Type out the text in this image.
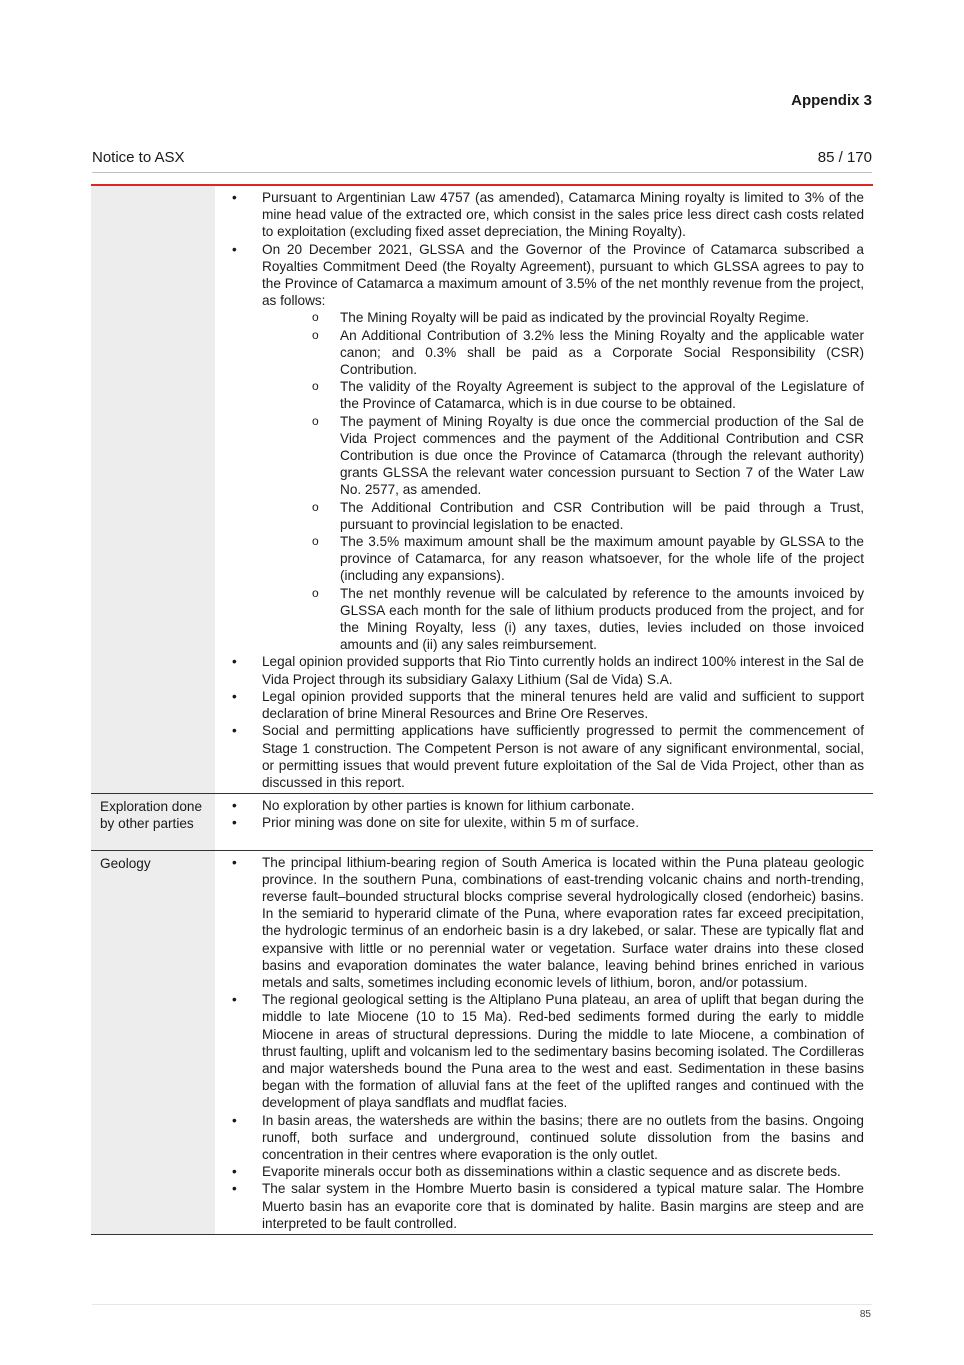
Appendix 3
Notice to ASX	85 / 170
• Pursuant to Argentinian Law 4757 (as amended), Catamarca Mining royalty is limited to 3% of the mine head value of the extracted ore, which consist in the sales price less direct cash costs related to exploitation (excluding fixed asset depreciation, the Mining Royalty).
• On 20 December 2021, GLSSA and the Governor of the Province of Catamarca subscribed a Royalties Commitment Deed (the Royalty Agreement), pursuant to which GLSSA agrees to pay to the Province of Catamarca a maximum amount of 3.5% of the net monthly revenue from the project, as follows:
o The Mining Royalty will be paid as indicated by the provincial Royalty Regime.
o An Additional Contribution of 3.2% less the Mining Royalty and the applicable water canon; and 0.3% shall be paid as a Corporate Social Responsibility (CSR) Contribution.
o The validity of the Royalty Agreement is subject to the approval of the Legislature of the Province of Catamarca, which is in due course to be obtained.
o The payment of Mining Royalty is due once the commercial production of the Sal de Vida Project commences and the payment of the Additional Contribution and CSR Contribution is due once the Province of Catamarca (through the relevant authority) grants GLSSA the relevant water concession pursuant to Section 7 of the Water Law No. 2577, as amended.
o The Additional Contribution and CSR Contribution will be paid through a Trust, pursuant to provincial legislation to be enacted.
o The 3.5% maximum amount shall be the maximum amount payable by GLSSA to the province of Catamarca, for any reason whatsoever, for the whole life of the project (including any expansions).
o The net monthly revenue will be calculated by reference to the amounts invoiced by GLSSA each month for the sale of lithium products produced from the project, and for the Mining Royalty, less (i) any taxes, duties, levies included on those invoiced amounts and (ii) any sales reimbursement.
• Legal opinion provided supports that Rio Tinto currently holds an indirect 100% interest in the Sal de Vida Project through its subsidiary Galaxy Lithium (Sal de Vida) S.A.
• Legal opinion provided supports that the mineral tenures held are valid and sufficient to support declaration of brine Mineral Resources and Brine Ore Reserves.
• Social and permitting applications have sufficiently progressed to permit the commencement of Stage 1 construction. The Competent Person is not aware of any significant environmental, social, or permitting issues that would prevent future exploitation of the Sal de Vida Project, other than as discussed in this report.
Exploration done by other parties
• No exploration by other parties is known for lithium carbonate.
• Prior mining was done on site for ulexite, within 5 m of surface.
Geology
•	The principal lithium-bearing region of South America is located within the Puna plateau geologic province. In the southern Puna, combinations of east-trending volcanic chains and north-trending, reverse fault–bounded structural blocks comprise several hydrologically closed (endorheic) basins. In the semiarid to hyperarid climate of the Puna, where evaporation rates far exceed precipitation, the hydrologic terminus of an endorheic basin is a dry lakebed, or salar. These are typically flat and expansive with little or no perennial water or vegetation. Surface water drains into these closed basins and evaporation dominates the water balance, leaving behind brines enriched in various metals and salts, sometimes including economic levels of lithium, boron, and/or potassium.
• The regional geological setting is the Altiplano Puna plateau, an area of uplift that began during the middle to late Miocene (10 to 15 Ma). Red-bed sediments formed during the early to middle Miocene in areas of structural depressions. During the middle to late Miocene, a combination of thrust faulting, uplift and volcanism led to the sedimentary basins becoming isolated. The Cordilleras and major watersheds bound the Puna area to the west and east. Sedimentation in these basins began with the formation of alluvial fans at the feet of the uplifted ranges and continued with the development of playa sandflats and mudflat facies.
• In basin areas, the watersheds are within the basins; there are no outlets from the basins. Ongoing runoff, both surface and underground, continued solute dissolution from the basins and concentration in their centres where evaporation is the only outlet.
• Evaporite minerals occur both as disseminations within a clastic sequence and as discrete beds.
• The salar system in the Hombre Muerto basin is considered a typical mature salar. The Hombre Muerto basin has an evaporite core that is dominated by halite. Basin margins are steep and are interpreted to be fault controlled.
85
